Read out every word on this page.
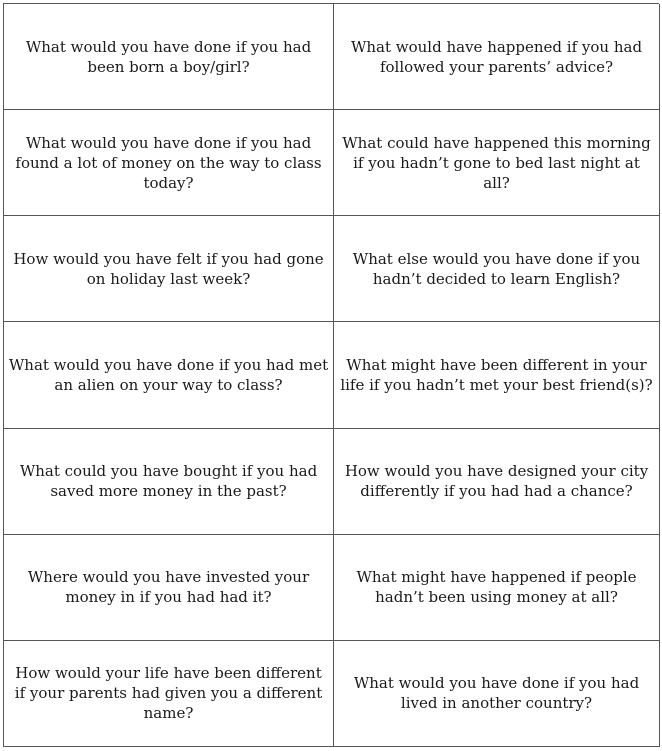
What would you have done if you had been born a boy/girl?
What would have happened if you had followed your parents’ advice?
What would you have done if you had found a lot of money on the way to class today?
What could have happened this morning if you hadn’t gone to bed last night at all?
How would you have felt if you had gone on holiday last week?
What else would you have done if you hadn’t decided to learn English?
What would you have done if you had met an alien on your way to class?
What might have been different in your life if you hadn’t met your best friend(s)?
What could you have bought if you had saved more money in the past?
How would you have designed your city differently if you had had a chance?
Where would you have invested your money in if you had had it?
What might have happened if people hadn’t been using money at all?
How would your life have been different if your parents had given you a different name?
What would you have done if you had lived in another country?
